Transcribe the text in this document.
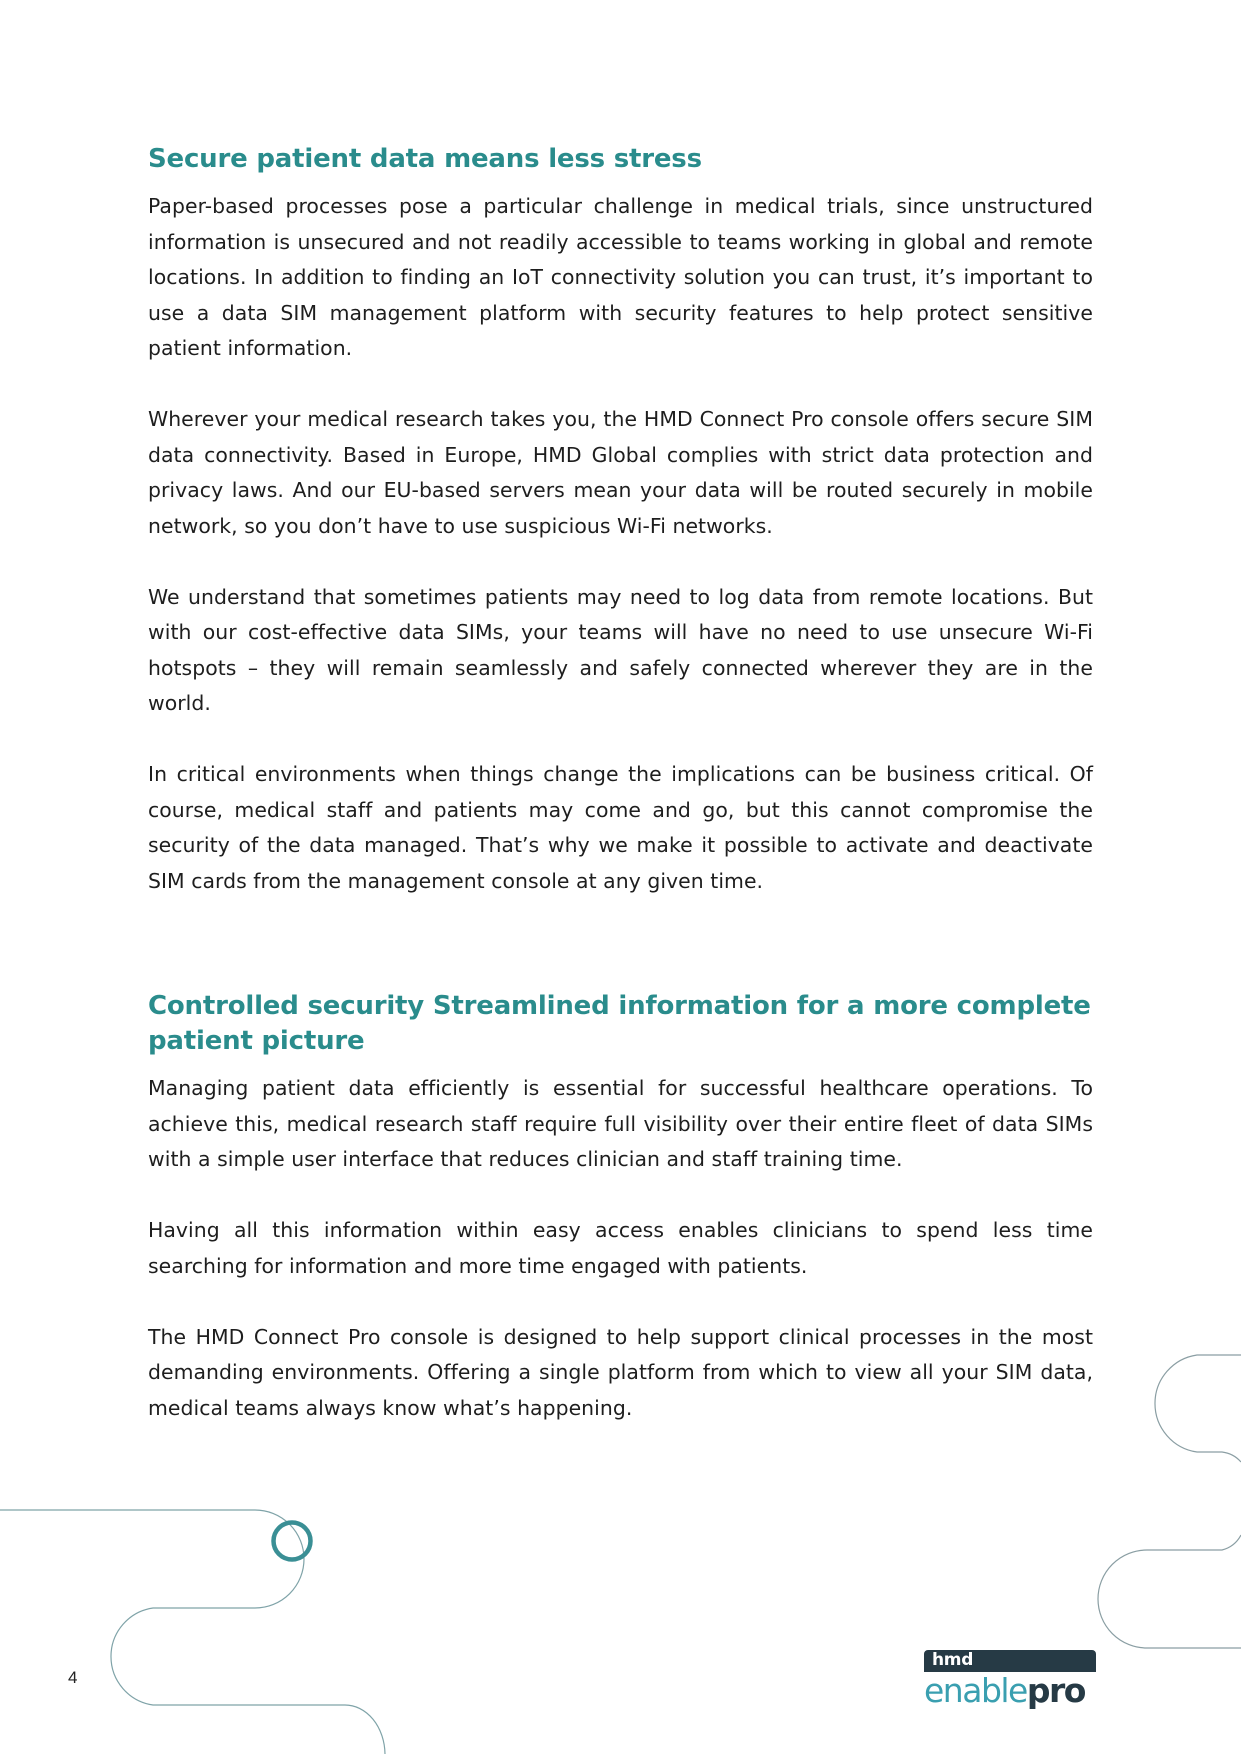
Secure patient data means less stress

Paper-based processes pose a particular challenge in medical trials, since unstructured information is unsecured and not readily accessible to teams working in global and remote locations. In addition to finding an IoT connectivity solution you can trust, it’s important to use a data SIM management platform with security features to help protect sensitive patient information.

Wherever your medical research takes you, the HMD Connect Pro console offers secure SIM data connectivity. Based in Europe, HMD Global complies with strict data protection and privacy laws. And our EU-based servers mean your data will be routed securely in mobile network, so you don’t have to use suspicious Wi-Fi networks.

We understand that sometimes patients may need to log data from remote locations. But with our cost-effective data SIMs, your teams will have no need to use unsecure Wi-Fi hotspots – they will remain seamlessly and safely connected wherever they are in the world.

In critical environments when things change the implications can be business critical. Of course, medical staff and patients may come and go, but this cannot compromise the security of the data managed. That’s why we make it possible to activate and deactivate SIM cards from the management console at any given time.

Controlled security Streamlined information for a more complete patient picture

Managing patient data efficiently is essential for successful healthcare operations. To achieve this, medical research staff require full visibility over their entire fleet of data SIMs with a simple user interface that reduces clinician and staff training time.

Having all this information within easy access enables clinicians to spend less time searching for information and more time engaged with patients.

The HMD Connect Pro console is designed to help support clinical processes in the most demanding environments. Offering a single platform from which to view all your SIM data, medical teams always know what’s happening.

4
hmd
enablepro
